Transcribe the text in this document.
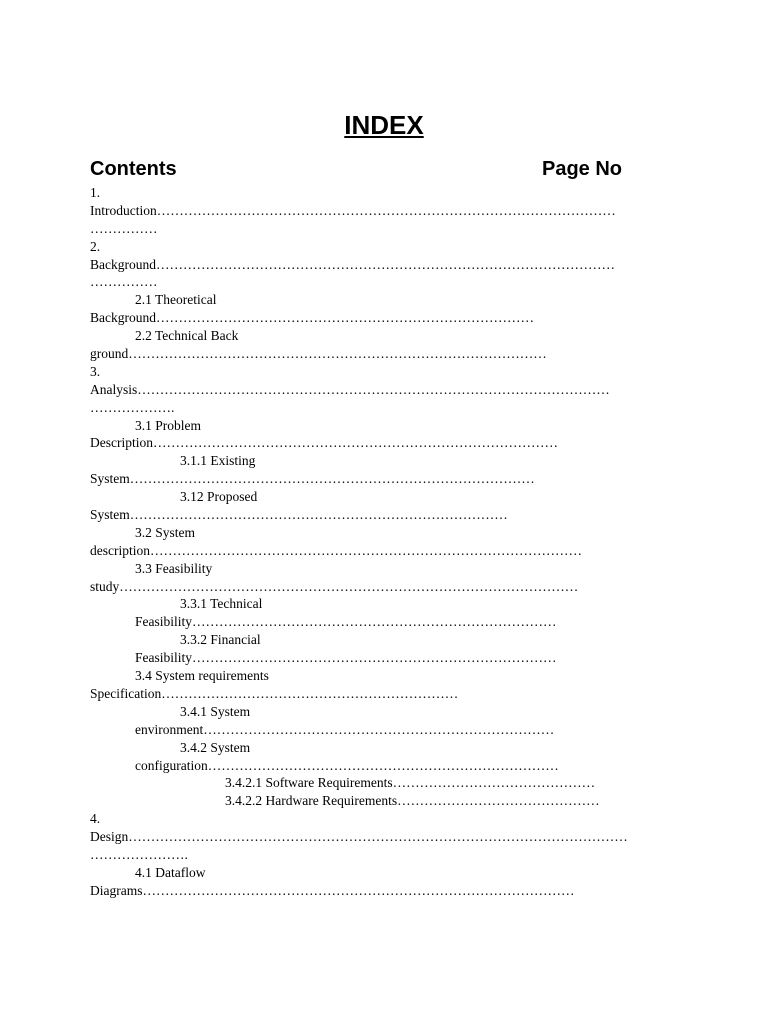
INDEX
Contents	Page No
1.
Introduction…………………………………………………………………………………………
……………
2.
Background…………………………………………………………………………………………
……………
2.1 Theoretical
Background…………………………………………………………………………
2.2 Technical Back
ground…………………………………………………………………………………
3.
Analysis……………………………………………………………………………………………
……………….
3.1 Problem
Description………………………………………………………………………………
3.1.1 Existing
System………………………………………………………………………………
3.12 Proposed
System…………………………………………………………………………
3.2 System
description……………………………………………………………………………………
3.3 Feasibility
study…………………………………………………………………………………………
3.3.1 Technical
Feasibility………………………………………………………………………
3.3.2 Financial
Feasibility………………………………………………………………………
3.4 System requirements
Specification…………………………………………………………
3.4.1 System
environment……………………………………………………………………
3.4.2 System
configuration……………………………………………………………………
3.4.2.1 Software Requirements………………………………………
3.4.2.2 Hardware Requirements………………………………………
4.
Design…………………………………………………………………………………………………
………………….
4.1 Dataflow
Diagrams……………………………………………………………………………………
